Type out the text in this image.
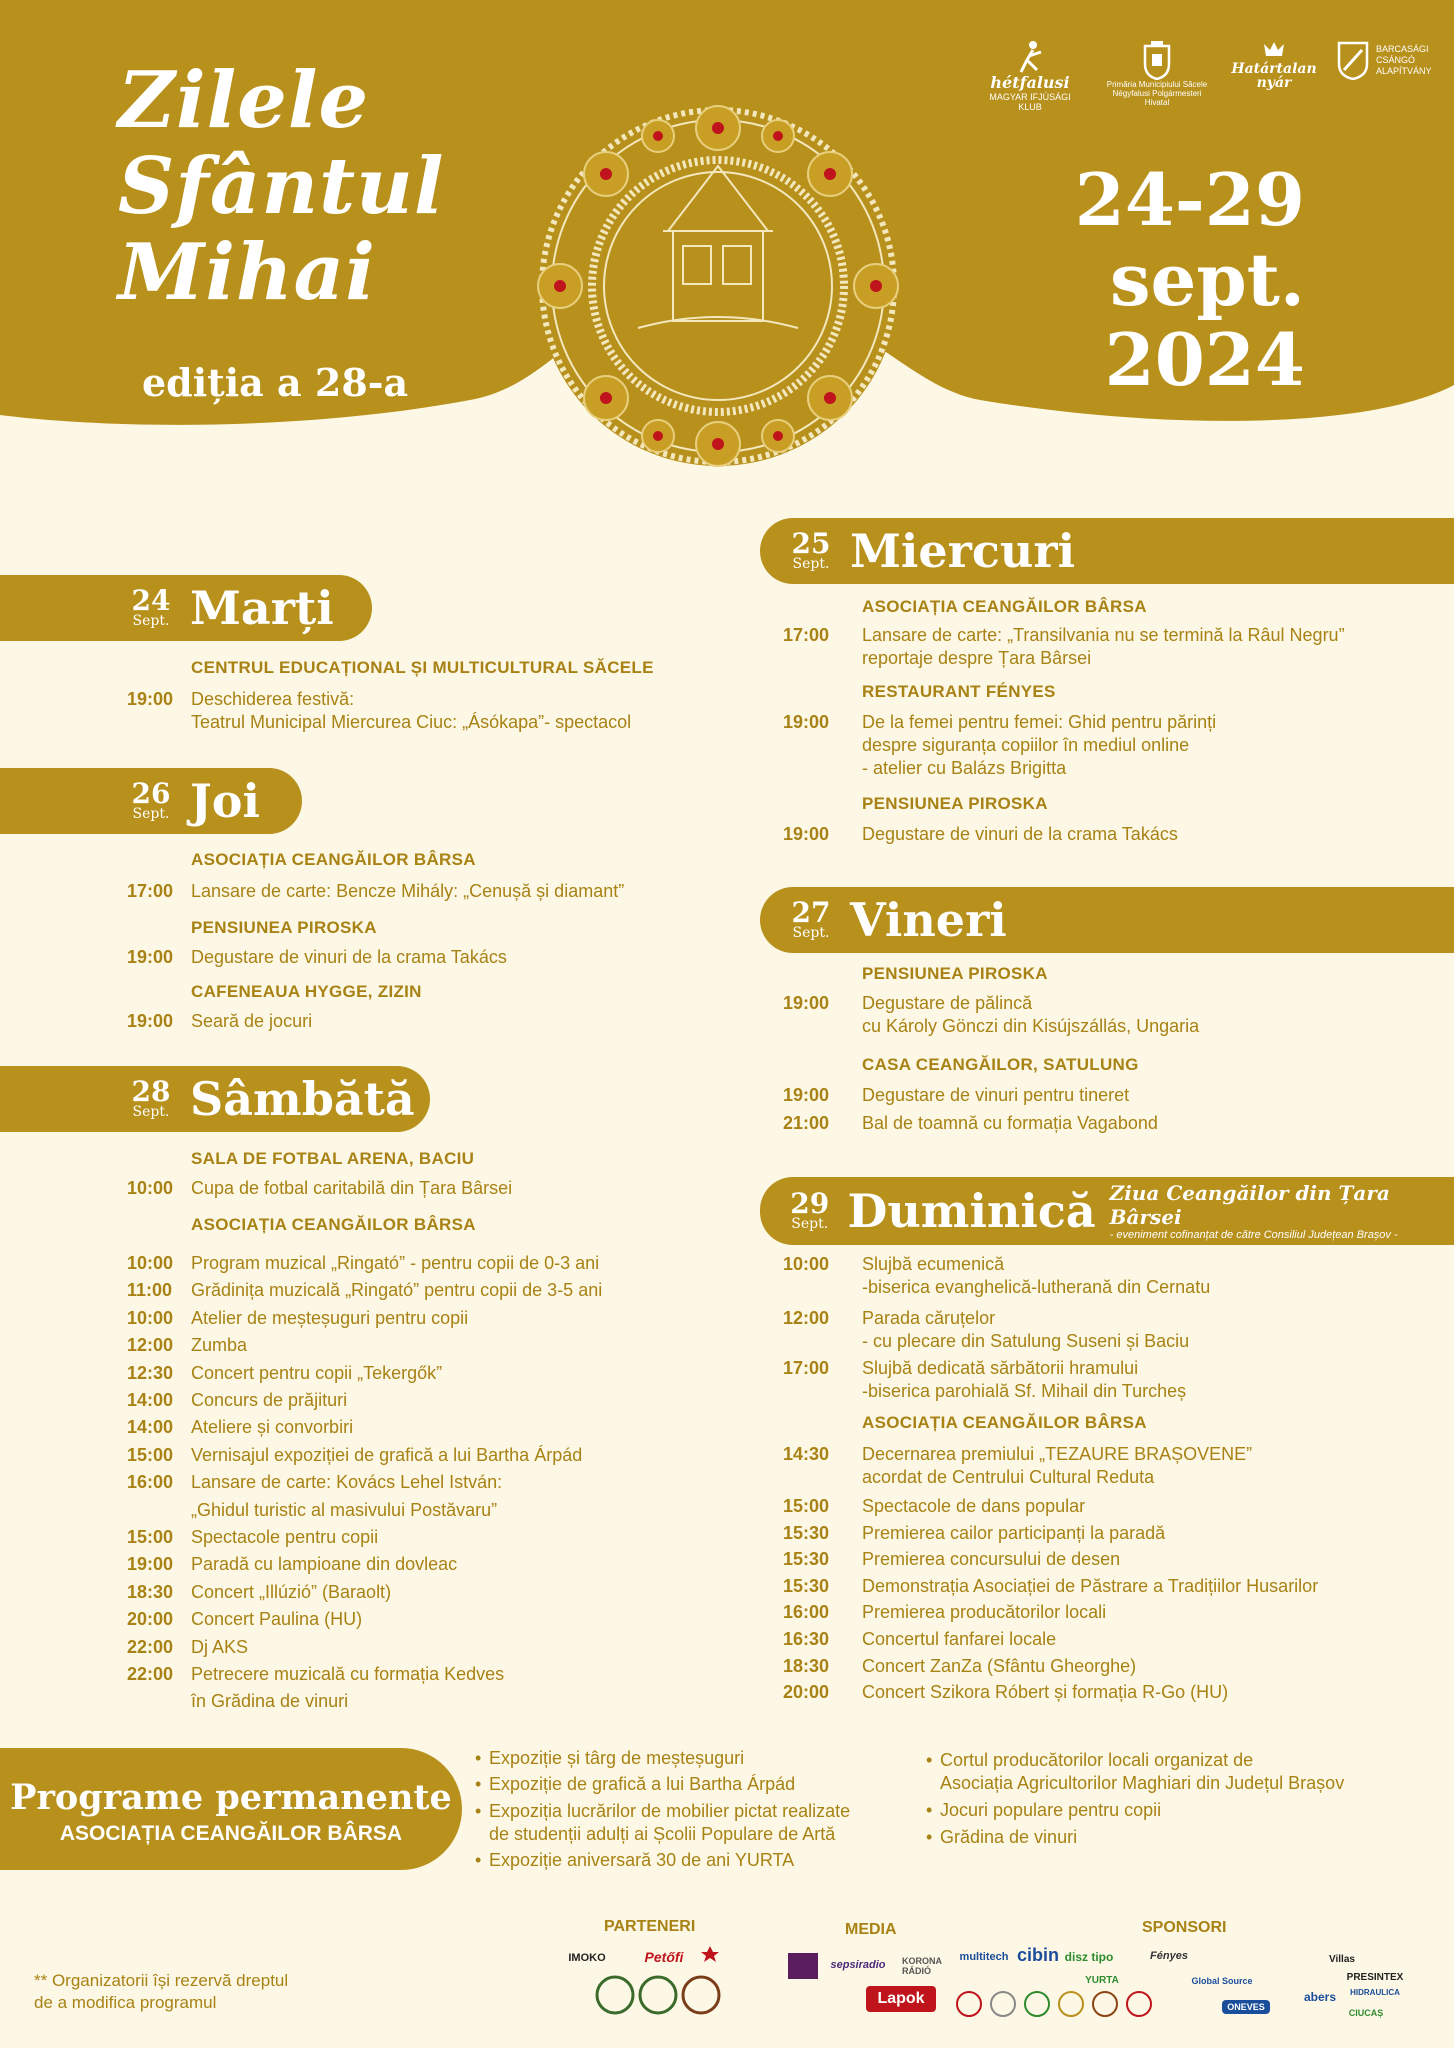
Zilele
Sfântul
Mihai
ediția a 28-a
24-29
sept.
2024
hétfalusi
MAGYAR IFJÚSÁGI KLUB
Primăria Municipiului Săcele Négyfalusi Polgármesteri Hivatal
Határtalan nyár
BARCASÁGI CSÁNGÓ ALAPÍTVÁNY
24
Sept. Marți
CENTRUL EDUCAȚIONAL ȘI MULTICULTURAL SĂCELE
19:00 Deschiderea festivă:
Teatrul Municipal Miercurea Ciuc: „Ásókapa”- spectacol
26
Sept. Joi
ASOCIAȚIA CEANGĂILOR BÂRSA
17:00 Lansare de carte: Bencze Mihály: „Cenușă și diamant”
PENSIUNEA PIROSKA
19:00 Degustare de vinuri de la crama Takács
CAFENEAUA HYGGE, ZIZIN
19:00 Seară de jocuri
28
Sept. Sâmbătă
SALA DE FOTBAL ARENA, BACIU
10:00 Cupa de fotbal caritabilă din Țara Bârsei
ASOCIAȚIA CEANGĂILOR BÂRSA
10:00 Program muzical „Ringató” - pentru copii de 0-3 ani
11:00	Grădinița muzicală „Ringató” pentru copii de 3-5 ani
10:00 Atelier de meșteșuguri pentru copii
12:00 Zumba
12:30 Concert pentru copii „Tekergők”
14:00 Concurs de prăjituri
14:00 Ateliere și convorbiri
15:00 Vernisajul expoziției de grafică a lui Bartha Árpád
16:00 Lansare de carte: Kovács Lehel István:
„Ghidul turistic al masivului Postăvaru”
15:00 Spectacole pentru copii
19:00 Paradă cu lampioane din dovleac
18:30 Concert „Illúzió” (Baraolt)
20:00 Concert Paulina (HU)
22:00 Dj AKS
22:00 Petrecere muzicală cu formația Kedves
în Grădina de vinuri
25
Sept. Miercuri
ASOCIAȚIA CEANGĂILOR BÂRSA
17:00	Lansare de carte: „Transilvania nu se termină la Râul Negru”
reportaje despre Țara Bârsei
RESTAURANT FÉNYES
19:00	De la femei pentru femei: Ghid pentru părinți
despre siguranța copiilor în mediul online
- atelier cu Balázs Brigitta
PENSIUNEA PIROSKA
19:00	Degustare de vinuri de la crama Takács
27
Sept. Vineri
PENSIUNEA PIROSKA
19:00	Degustare de pălincă
cu Károly Gönczi din Kisújszállás, Ungaria
CASA CEANGĂILOR, SATULUNG
19:00	Degustare de vinuri pentru tineret
21:00	Bal de toamnă cu formația Vagabond
29
Sept. Duminică Ziua Ceangăilor din Țara Bârsei
- eveniment cofinanțat de către Consiliul Județean Brașov -
10:00	Slujbă ecumenică
-biserica evanghelică-lutherană din Cernatu
12:00	Parada căruțelor
- cu plecare din Satulung Suseni și Baciu
17:00	Slujbă dedicată sărbătorii hramului
-biserica parohială Sf. Mihail din Turcheș
ASOCIAȚIA CEANGĂILOR BÂRSA
14:30	Decernarea premiului „TEZAURE BRAȘOVENE”
acordat de Centrului Cultural Reduta
15:00	Spectacole de dans popular
15:30	Premierea cailor participanți la paradă
15:30	Premierea concursului de desen
15:30	Demonstrația Asociației de Păstrare a Tradițiilor Husarilor
16:00	Premierea producătorilor locali
16:30	Concertul fanfarei locale
18:30	Concert ZanZa (Sfântu Gheorghe)
20:00	Concert Szikora Róbert și formația R-Go (HU)
Programe permanente
ASOCIAȚIA CEANGĂILOR BÂRSA
• Expoziție și târg de meșteșuguri
• Expoziție de grafică a lui Bartha Árpád
• Expoziția lucrărilor de mobilier pictat realizate
de studenții adulți ai Școlii Populare de Artă
• Expoziție aniversară 30 de ani YURTA
• Cortul producătorilor locali organizat de
Asociația Agricultorilor Maghiari din Județul Brașov
• Jocuri populare pentru copii
• Grădina de vinuri
** Organizatorii își rezervă dreptul
de a modifica programul
PARTENERI	MEDIA	SPONSORI
IMOKO	Petőfi	sepsiradio	KORONA RÁDIÓ
Lapok
multitech cibin disz tipo	Fényes
YURTA	Global Source
Villas
abers
PRESINTEX
HIDRAULICA
ONEVES
CIUCAȘ
